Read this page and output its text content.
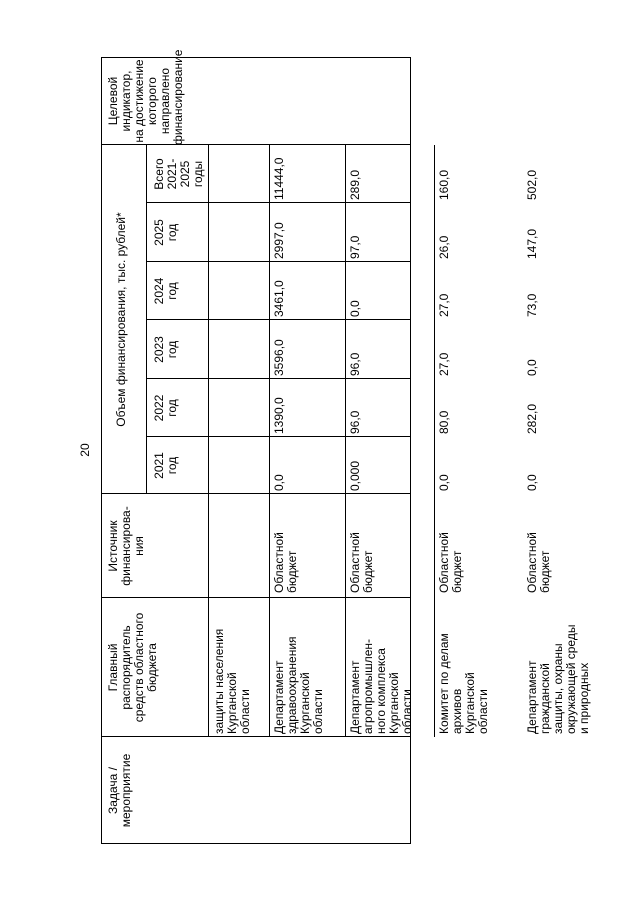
20
Задача /
мероприятие
Главный
распорядитель
средств областного
бюджета
Источник
финансирова-
ния
Объем финансирования, тыс. рублей*
2021
год
2022
год
2023
год
2024
год
2025
год
Всего
2021-
2025
годы
Целевой
индикатор,
на достижение
которого
направлено
финансирование
защиты населения
Курганской
области Департамент
здравоохранения
Курганской
области
Областной
бюджет
0,0
1390,0
3596,0
3461,0
2997,0
11444,0
Департамент
агропромышлен-
ного комплекса
Курганской
области
Областной
бюджет
0,000
96,0
96,0
0,0
97,0
289,0
Комитет по делам
архивов
Курганской
области
Областной
бюджет
0,0
80,0
27,0
27,0
26,0
160,0
Департамент
гражданской
защиты, охраны
окружающей среды
и природных
Областной
бюджет
0,0
282,0
0,0
73,0
147,0
502,0
